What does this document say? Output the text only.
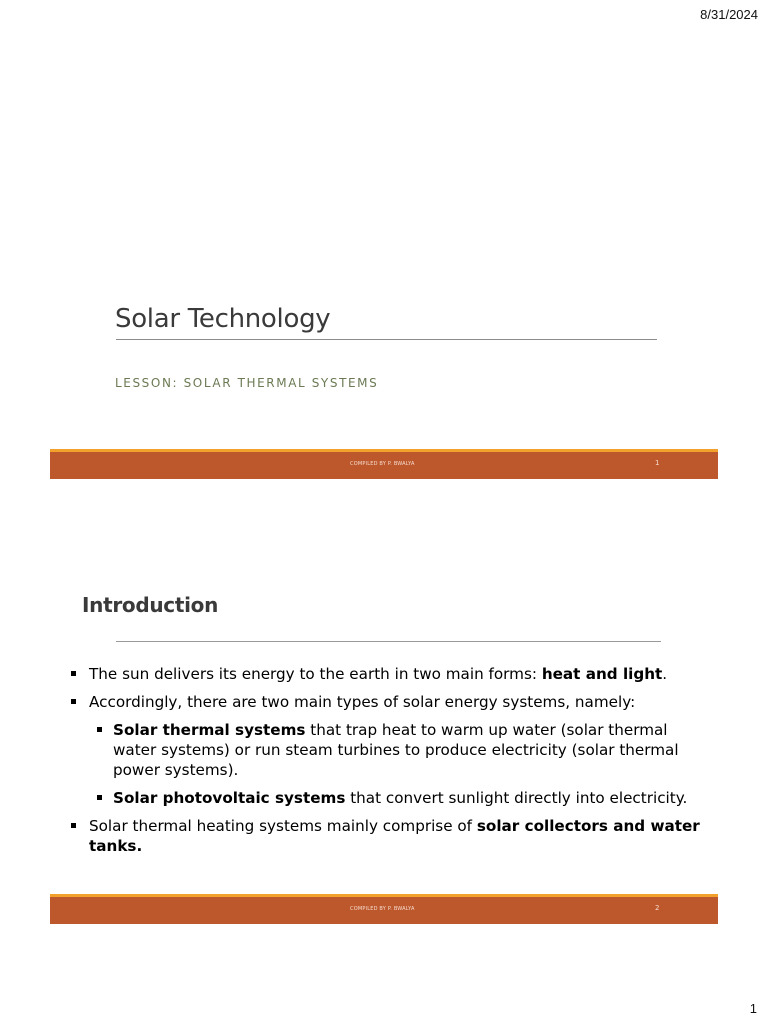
8/31/2024
Solar Technology
LESSON: SOLAR THERMAL SYSTEMS
COMPILED BY P. BWALYA	1
Introduction
The sun delivers its energy to the earth in two main forms: heat and light.
Accordingly, there are two main types of solar energy systems, namely:
Solar thermal systems that trap heat to warm up water (solar thermal water systems) or run steam turbines to produce electricity (solar thermal power systems).
Solar photovoltaic systems that convert sunlight directly into electricity.
Solar thermal heating systems mainly comprise of solar collectors and water tanks.
COMPILED BY P. BWALYA	2
1
